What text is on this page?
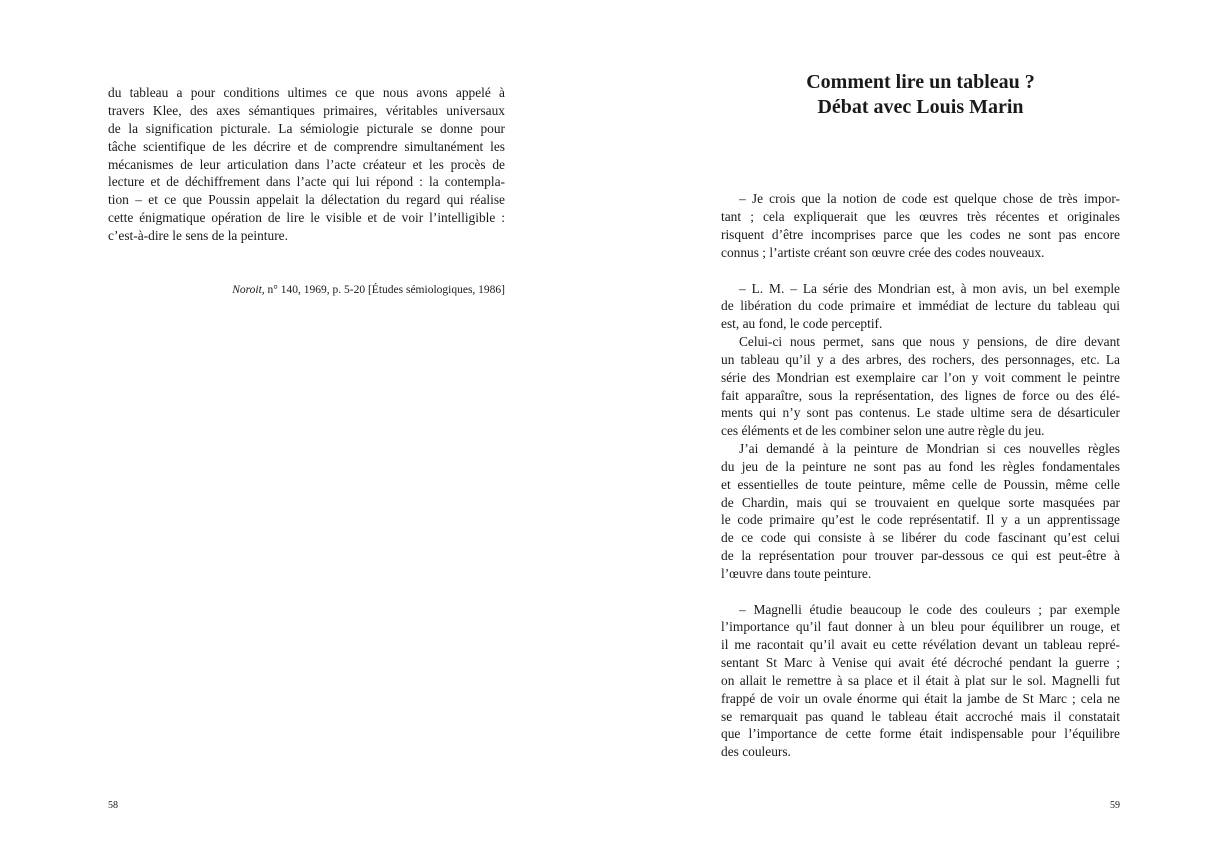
du tableau a pour conditions ultimes ce que nous avons appelé à
travers Klee, des axes sémantiques primaires, véritables universaux
de la signification picturale. La sémiologie picturale se donne pour
tâche scientifique de les décrire et de comprendre simultanément les
mécanismes de leur articulation dans l’acte créateur et les procès de
lecture et de déchiffrement dans l’acte qui lui répond : la contempla-
tion – et ce que Poussin appelait la délectation du regard qui réalise
cette énigmatique opération de lire le visible et de voir l’intelligible :
c’est-à-dire le sens de la peinture.
Noroit, n° 140, 1969, p. 5-20 [Études sémiologiques, 1986]
58
Comment lire un tableau ?
Débat avec Louis Marin
– Je crois que la notion de code est quelque chose de très impor-
tant ; cela expliquerait que les œuvres très récentes et originales
risquent d’être incomprises parce que les codes ne sont pas encore
connus ; l’artiste créant son œuvre crée des codes nouveaux.
– L. M. – La série des Mondrian est, à mon avis, un bel exemple
de libération du code primaire et immédiat de lecture du tableau qui
est, au fond, le code perceptif.
Celui-ci nous permet, sans que nous y pensions, de dire devant
un tableau qu’il y a des arbres, des rochers, des personnages, etc. La
série des Mondrian est exemplaire car l’on y voit comment le peintre
fait apparaître, sous la représentation, des lignes de force ou des élé-
ments qui n’y sont pas contenus. Le stade ultime sera de désarticuler
ces éléments et de les combiner selon une autre règle du jeu.
J’ai demandé à la peinture de Mondrian si ces nouvelles règles
du jeu de la peinture ne sont pas au fond les règles fondamentales
et essentielles de toute peinture, même celle de Poussin, même celle
de Chardin, mais qui se trouvaient en quelque sorte masquées par
le code primaire qu’est le code représentatif. Il y a un apprentissage
de ce code qui consiste à se libérer du code fascinant qu’est celui
de la représentation pour trouver par-dessous ce qui est peut-être à
l’œuvre dans toute peinture.
– Magnelli étudie beaucoup le code des couleurs ; par exemple
l’importance qu’il faut donner à un bleu pour équilibrer un rouge, et
il me racontait qu’il avait eu cette révélation devant un tableau repré-
sentant St Marc à Venise qui avait été décroché pendant la guerre ;
on allait le remettre à sa place et il était à plat sur le sol. Magnelli fut
frappé de voir un ovale énorme qui était la jambe de St Marc ; cela ne
se remarquait pas quand le tableau était accroché mais il constatait
que l’importance de cette forme était indispensable pour l’équilibre
des couleurs.
59
